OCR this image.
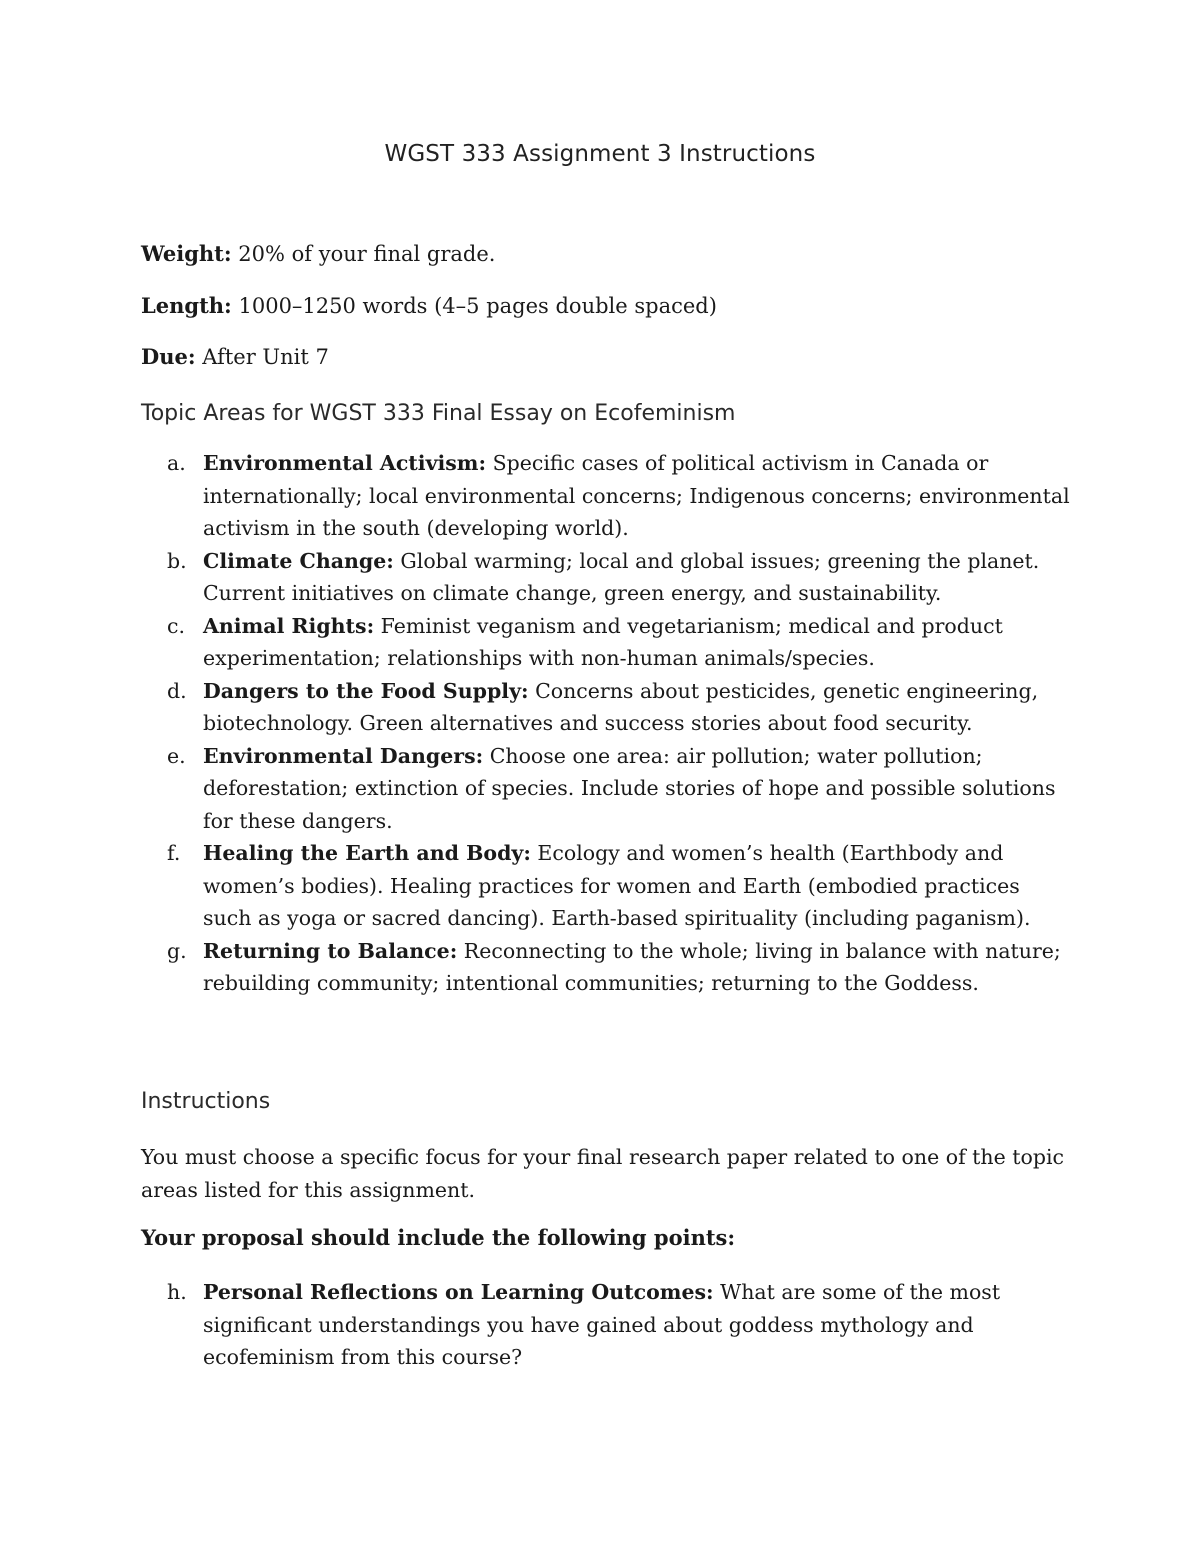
WGST 333 Assignment 3 Instructions
Weight: 20% of your final grade.
Length: 1000–1250 words (4–5 pages double spaced)
Due: After Unit 7
Topic Areas for WGST 333 Final Essay on Ecofeminism
a. Environmental Activism: Specific cases of political activism in Canada or internationally; local environmental concerns; Indigenous concerns; environmental activism in the south (developing world).
b. Climate Change: Global warming; local and global issues; greening the planet. Current initiatives on climate change, green energy, and sustainability.
c. Animal Rights: Feminist veganism and vegetarianism; medical and product experimentation; relationships with non-human animals/species.
d. Dangers to the Food Supply: Concerns about pesticides, genetic engineering, biotechnology. Green alternatives and success stories about food security.
e. Environmental Dangers: Choose one area: air pollution; water pollution; deforestation; extinction of species. Include stories of hope and possible solutions for these dangers.
f. Healing the Earth and Body: Ecology and women’s health (Earthbody and women’s bodies). Healing practices for women and Earth (embodied practices such as yoga or sacred dancing). Earth-based spirituality (including paganism).
g. Returning to Balance: Reconnecting to the whole; living in balance with nature; rebuilding community; intentional communities; returning to the Goddess.
Instructions
You must choose a specific focus for your final research paper related to one of the topic areas listed for this assignment.
Your proposal should include the following points:
h. Personal Reflections on Learning Outcomes: What are some of the most significant understandings you have gained about goddess mythology and ecofeminism from this course?
